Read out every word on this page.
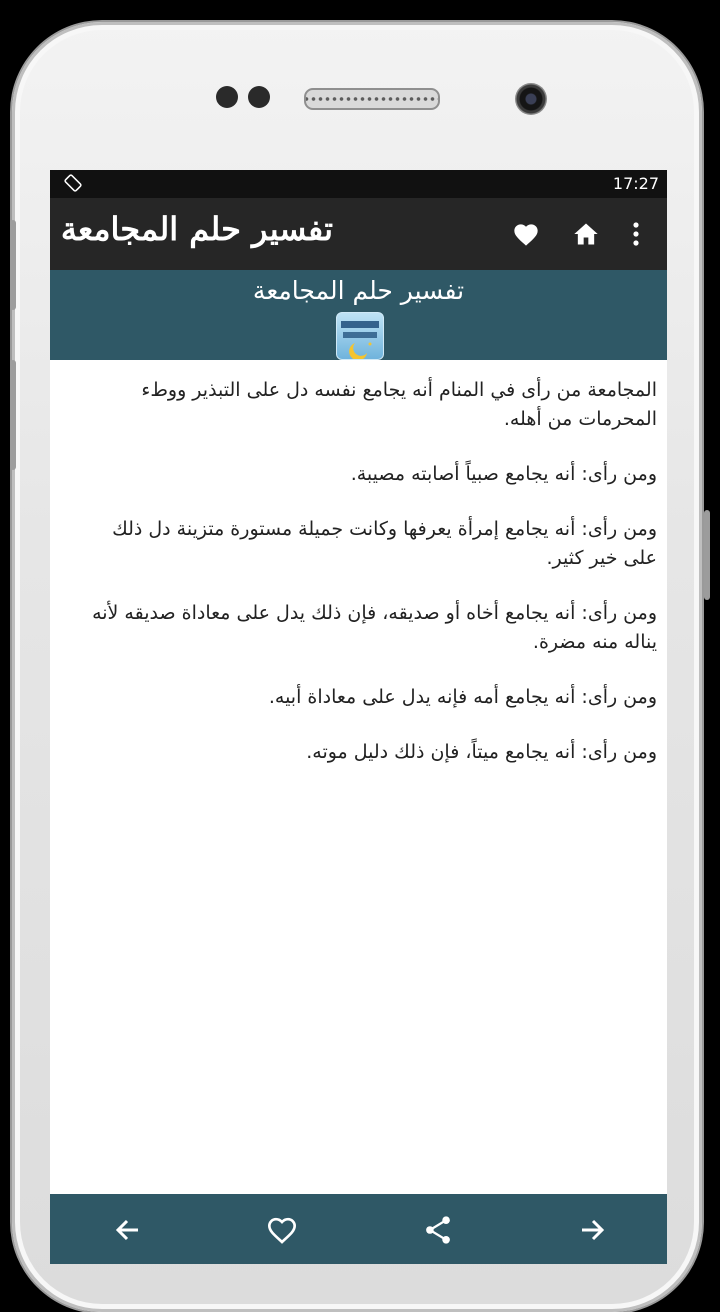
17:27
تفسير حلم المجامعة
تفسير حلم المجامعة

المجامعة من رأى في المنام أنه يجامع نفسه دل على التبذير ووطء المحرمات من أهله.

ومن رأى: أنه يجامع صبياً أصابته مصيبة.

ومن رأى: أنه يجامع إمرأة يعرفها وكانت جميلة مستورة متزينة دل ذلك على خير كثير.

ومن رأى: أنه يجامع أخاه أو صديقه، فإن ذلك يدل على معاداة صديقه لأنه يناله منه مضرة.

ومن رأى: أنه يجامع أمه فإنه يدل على معاداة أبيه.

ومن رأى: أنه يجامع ميتاً، فإن ذلك دليل موته.
